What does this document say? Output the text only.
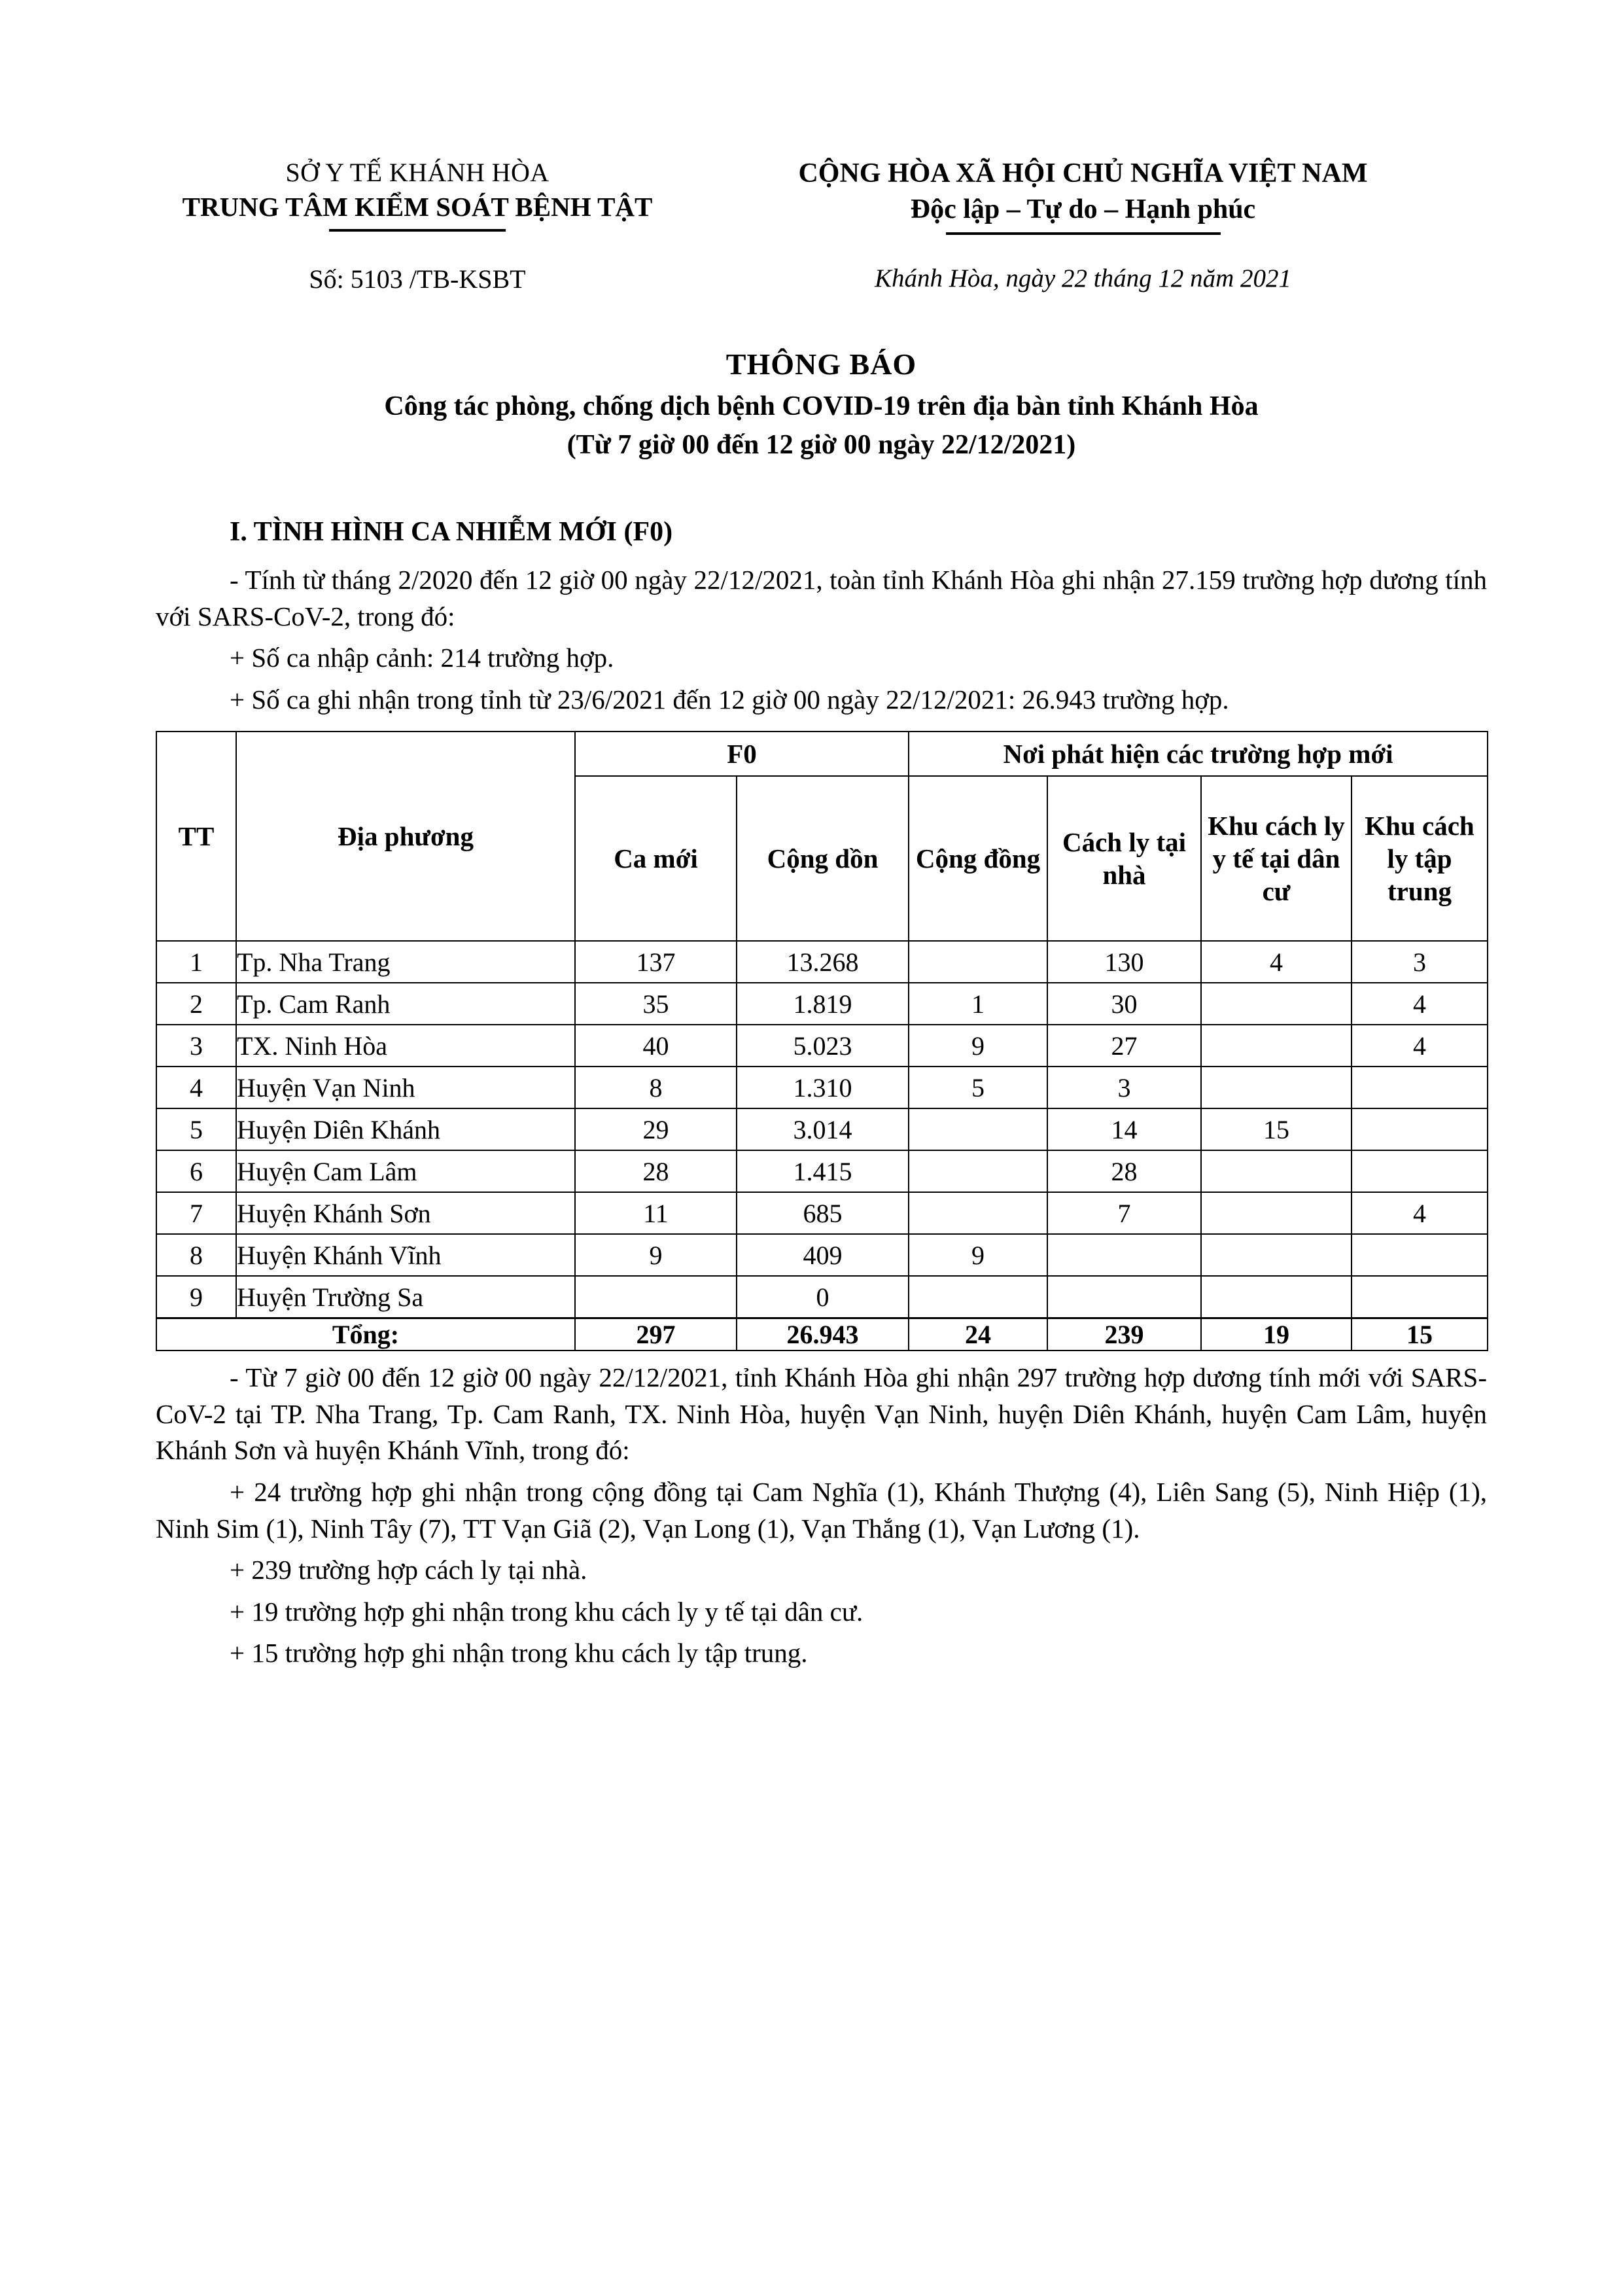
SỞ Y TẾ KHÁNH HÒA
TRUNG TÂM KIỂM SOÁT BỆNH TẬT
CỘNG HÒA XÃ HỘI CHỦ NGHĨA VIỆT NAM
Độc lập – Tự do – Hạnh phúc
Số: 5103 /TB-KSBT	Khánh Hòa, ngày 22 tháng 12 năm 2021
THÔNG BÁO
Công tác phòng, chống dịch bệnh COVID-19 trên địa bàn tỉnh Khánh Hòa
(Từ 7 giờ 00 đến 12 giờ 00 ngày 22/12/2021)
I. TÌNH HÌNH CA NHIỄM MỚI (F0)

- Tính từ tháng 2/2020 đến 12 giờ 00 ngày 22/12/2021, toàn tỉnh Khánh Hòa ghi nhận 27.159 trường hợp dương tính với SARS-CoV-2, trong đó:

+ Số ca nhập cảnh: 214 trường hợp.

+ Số ca ghi nhận trong tỉnh từ 23/6/2021 đến 12 giờ 00 ngày 22/12/2021: 26.943 trường hợp.

TT	Địa phương	F0		Nơi phát hiện các trường hợp mới			
		Ca mới	Cộng dồn	Cộng đồng	Cách ly tại nhà	Khu cách ly y tế tại dân cư	Khu cách ly tập trung
1	Tp. Nha Trang	137	13.268		130	4	3
2	Tp. Cam Ranh	35	1.819	1	30		4
3	TX. Ninh Hòa	40	5.023	9	27		4
4	Huyện Vạn Ninh	8	1.310	5	3		
5	Huyện Diên Khánh	29	3.014		14	15	
6	Huyện Cam Lâm	28	1.415		28		
7	Huyện Khánh Sơn	11	685		7		4
8	Huyện Khánh Vĩnh	9	409	9			
9	Huyện Trường Sa		0				
Tổng:		297	26.943	24	239	19	15

- Từ 7 giờ 00 đến 12 giờ 00 ngày 22/12/2021, tỉnh Khánh Hòa ghi nhận 297 trường hợp dương tính mới với SARS-CoV-2 tại TP. Nha Trang, Tp. Cam Ranh, TX. Ninh Hòa, huyện Vạn Ninh, huyện Diên Khánh, huyện Cam Lâm, huyện Khánh Sơn và huyện Khánh Vĩnh, trong đó:

+ 24 trường hợp ghi nhận trong cộng đồng tại Cam Nghĩa (1), Khánh Thượng (4), Liên Sang (5), Ninh Hiệp (1), Ninh Sim (1), Ninh Tây (7), TT Vạn Giã (2), Vạn Long (1), Vạn Thắng (1), Vạn Lương (1).

+ 239 trường hợp cách ly tại nhà.

+ 19 trường hợp ghi nhận trong khu cách ly y tế tại dân cư.

+ 15 trường hợp ghi nhận trong khu cách ly tập trung.
